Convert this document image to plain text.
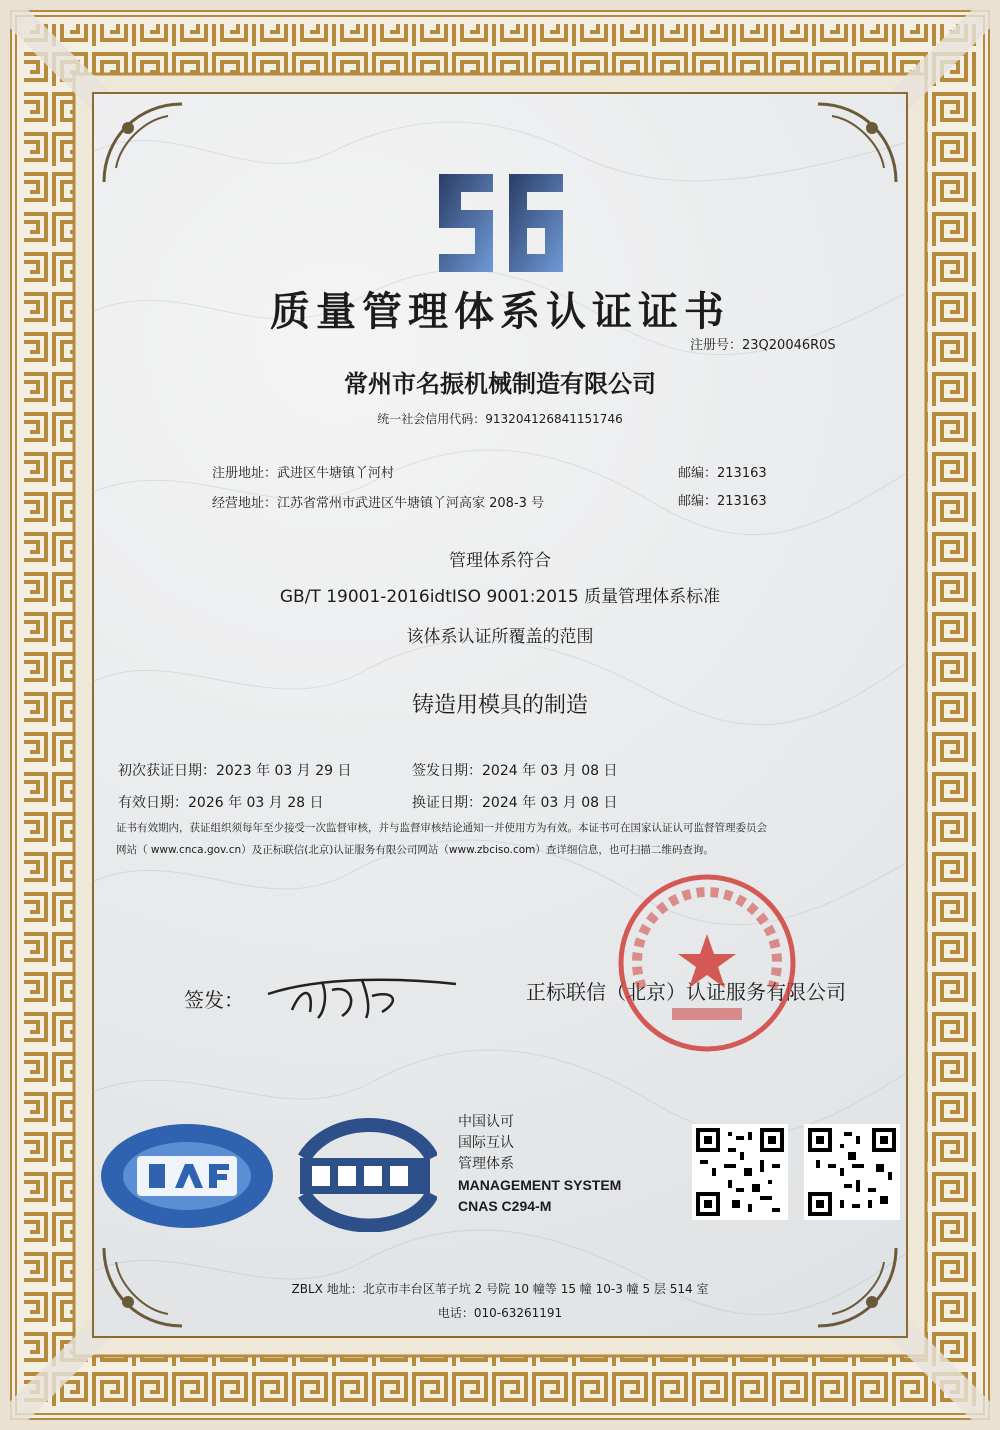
质量管理体系认证证书
注册号：23Q20046R0S
常州市名振机械制造有限公司
统一社会信用代码：913204126841151746
注册地址：武进区牛塘镇丫河村	邮编：213163
经营地址：江苏省常州市武进区牛塘镇丫河高家 208-3 号	邮编：213163
管理体系符合
GB/T 19001-2016idtISO 9001:2015 质量管理体系标准
该体系认证所覆盖的范围
铸造用模具的制造
初次获证日期：2023 年 03 月 29 日	签发日期：2024 年 03 月 08 日
有效日期：2026 年 03 月 28 日	换证日期：2024 年 03 月 08 日
证书有效期内，获证组织须每年至少接受一次监督审核，并与监督审核结论通知一并使用方为有效。本证书可在国家认证认可监督管理委员会
网站（ www.cnca.gov.cn）及正标联信(北京)认证服务有限公司网站（www.zbciso.com）查详细信息，也可扫描二维码查询。
签发：	正标联信（北京）认证服务有限公司
中国认可
国际互认
管理体系
MANAGEMENT SYSTEM
CNAS C294-M
ZBLX 地址：北京市丰台区苇子坑 2 号院 10 幢等 15 幢 10-3 幢 5 层 514 室
电话：010-63261191
